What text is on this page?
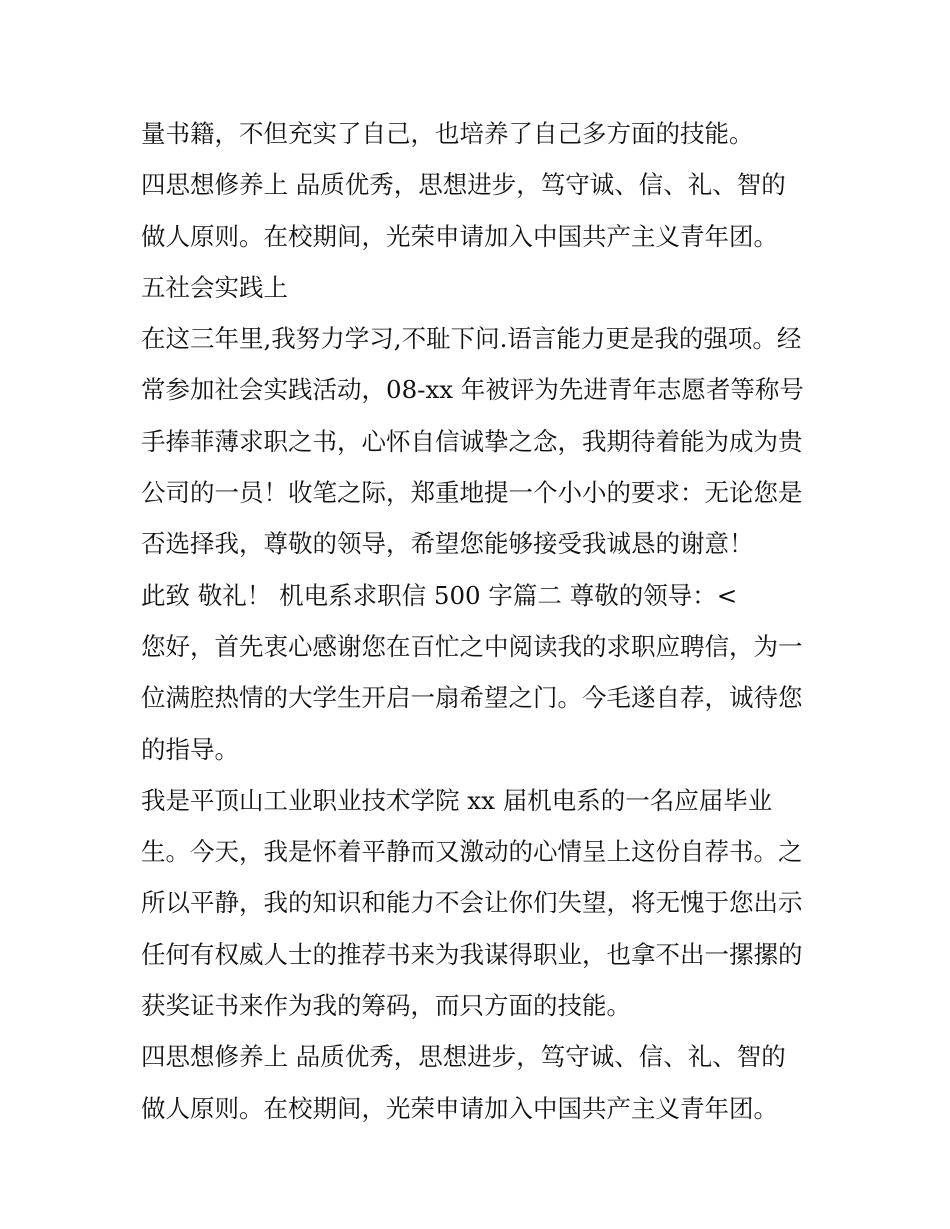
量书籍，不但充实了自己，也培养了自己多方面的技能。
四思想修养上 品质优秀，思想进步，笃守诚、信、礼、智的
做人原则。在校期间，光荣申请加入中国共产主义青年团。
五社会实践上
在这三年里,我努力学习,不耻下问.语言能力更是我的强项。经
常参加社会实践活动，08-xx 年被评为先进青年志愿者等称号
手捧菲薄求职之书，心怀自信诚挚之念，我期待着能为成为贵
公司的一员！收笔之际，郑重地提一个小小的要求：无论您是
否选择我，尊敬的领导，希望您能够接受我诚恳的谢意！
此致 敬礼！ 机电系求职信 500 字篇二 尊敬的领导：<
您好，首先衷心感谢您在百忙之中阅读我的求职应聘信，为一
位满腔热情的大学生开启一扇希望之门。今毛遂自荐，诚待您
的指导。
我是平顶山工业职业技术学院 xx 届机电系的一名应届毕业
生。今天，我是怀着平静而又激动的心情呈上这份自荐书。之
所以平静，我的知识和能力不会让你们失望，将无愧于您出示
任何有权威人士的推荐书来为我谋得职业，也拿不出一摞摞的
获奖证书来作为我的筹码，而只方面的技能。
四思想修养上 品质优秀，思想进步，笃守诚、信、礼、智的
做人原则。在校期间，光荣申请加入中国共产主义青年团。
